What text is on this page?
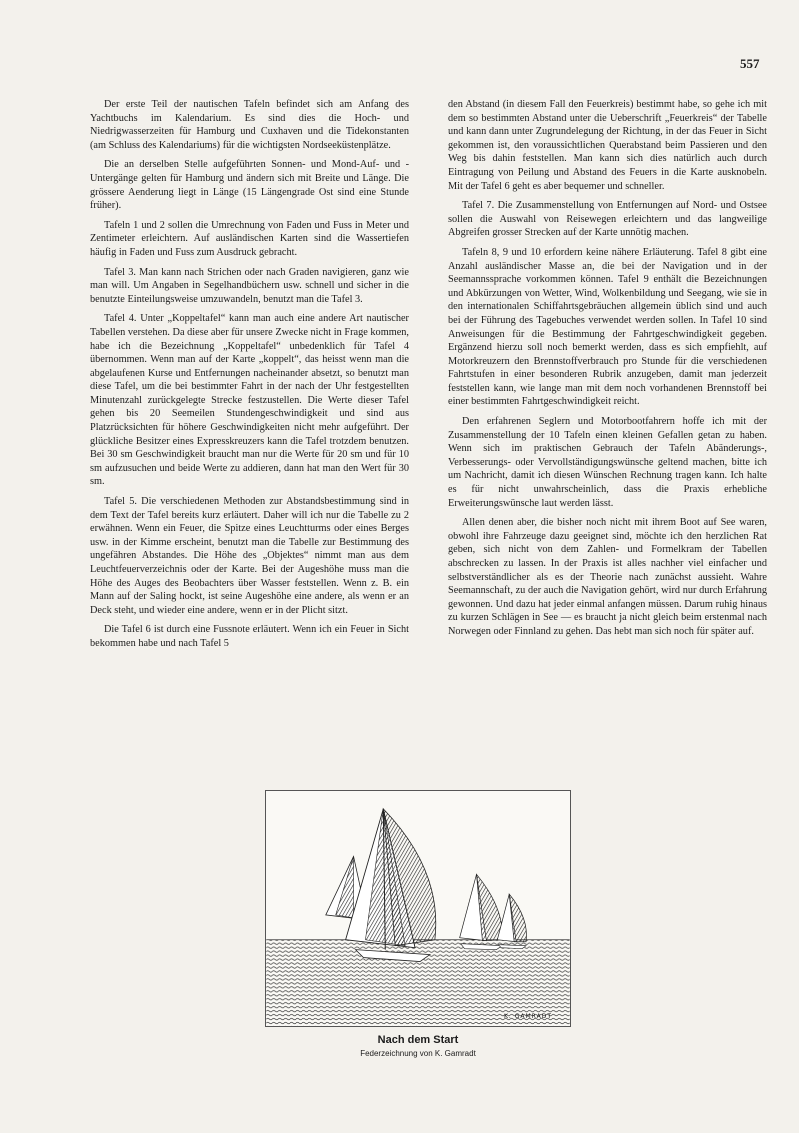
557

Der erste Teil der nautischen Tafeln befindet sich am Anfang des Yachtbuchs im Kalendarium. Es sind dies die Hoch- und Niedrigwasserzeiten für Hamburg und Cuxhaven und die Tidekonstanten (am Schluss des Kalendariums) für die wichtigsten Nordseeküstenplätze.

Die an derselben Stelle aufgeführten Sonnen- und Mond-Auf- und -Untergänge gelten für Hamburg und ändern sich mit Breite und Länge. Die grössere Aenderung liegt in Länge (15 Längengrade Ost sind eine Stunde früher).

Tafeln 1 und 2 sollen die Umrechnung von Faden und Fuss in Meter und Zentimeter erleichtern. Auf ausländischen Karten sind die Wassertiefen häufig in Faden und Fuss zum Ausdruck gebracht.

Tafel 3. Man kann nach Strichen oder nach Graden navigieren, ganz wie man will. Um Angaben in Segelhandbüchern usw. schnell und sicher in die benutzte Einteilungsweise umzuwandeln, benutzt man die Tafel 3.

Tafel 4. Unter „Koppeltafel“ kann man auch eine andere Art nautischer Tabellen verstehen. Da diese aber für unsere Zwecke nicht in Frage kommen, habe ich die Bezeichnung „Koppeltafel“ unbedenklich für Tafel 4 übernommen. Wenn man auf der Karte „koppelt“, das heisst wenn man die abgelaufenen Kurse und Entfernungen nacheinander absetzt, so benutzt man diese Tafel, um die bei bestimmter Fahrt in der nach der Uhr festgestellten Minutenzahl zurückgelegte Strecke festzustellen. Die Werte dieser Tafel gehen bis 20 Seemeilen Stundengeschwindigkeit und sind aus Platzrücksichten für höhere Geschwindigkeiten nicht mehr aufgeführt. Der glückliche Besitzer eines Expresskreuzers kann die Tafel trotzdem benutzen. Bei 30 sm Geschwindigkeit braucht man nur die Werte für 20 sm und für 10 sm aufzusuchen und beide Werte zu addieren, dann hat man den Wert für 30 sm.

Tafel 5. Die verschiedenen Methoden zur Abstandsbestimmung sind in dem Text der Tafel bereits kurz erläutert. Daher will ich nur die Tabelle zu 2 erwähnen. Wenn ein Feuer, die Spitze eines Leuchtturms oder eines Berges usw. in der Kimme erscheint, benutzt man die Tabelle zur Bestimmung des ungefähren Abstandes. Die Höhe des „Objektes“ nimmt man aus dem Leuchtfeuerverzeichnis oder der Karte. Bei der Augeshöhe muss man die Höhe des Auges des Beobachters über Wasser feststellen. Wenn z. B. ein Mann auf der Saling hockt, ist seine Augeshöhe eine andere, als wenn er an Deck steht, und wieder eine andere, wenn er in der Plicht sitzt.

Die Tafel 6 ist durch eine Fussnote erläutert. Wenn ich ein Feuer in Sicht bekommen habe und nach Tafel 5

den Abstand (in diesem Fall den Feuerkreis) bestimmt habe, so gehe ich mit dem so bestimmten Abstand unter die Ueberschrift „Feuerkreis“ der Tabelle und kann dann unter Zugrundelegung der Richtung, in der das Feuer in Sicht gekommen ist, den voraussichtlichen Querabstand beim Passieren und den Weg bis dahin feststellen. Man kann sich dies natürlich auch durch Eintragung von Peilung und Abstand des Feuers in die Karte ausknobeln. Mit der Tafel 6 geht es aber bequemer und schneller.

Tafel 7. Die Zusammenstellung von Entfernungen auf Nord- und Ostsee sollen die Auswahl von Reisewegen erleichtern und das langweilige Abgreifen grosser Strecken auf der Karte unnötig machen.

Tafeln 8, 9 und 10 erfordern keine nähere Erläuterung. Tafel 8 gibt eine Anzahl ausländischer Masse an, die bei der Navigation und in der Seemannssprache vorkommen können. Tafel 9 enthält die Bezeichnungen und Abkürzungen von Wetter, Wind, Wolkenbildung und Seegang, wie sie in den internationalen Schiffahrtsgebräuchen allgemein üblich sind und auch bei der Führung des Tagebuches verwendet werden sollen. In Tafel 10 sind Anweisungen für die Bestimmung der Fahrtgeschwindigkeit gegeben. Ergänzend hierzu soll noch bemerkt werden, dass es sich empfiehlt, auf Motorkreuzern den Brennstoffverbrauch pro Stunde für die verschiedenen Fahrtstufen in einer besonderen Rubrik anzugeben, damit man jederzeit feststellen kann, wie lange man mit dem noch vorhandenen Brennstoff bei einer bestimmten Fahrtgeschwindigkeit reicht.

Den erfahrenen Seglern und Motorbootfahrern hoffe ich mit der Zusammenstellung der 10 Tafeln einen kleinen Gefallen getan zu haben. Wenn sich im praktischen Gebrauch der Tafeln Abänderungs-, Verbesserungs- oder Vervollständigungswünsche geltend machen, bitte ich um Nachricht, damit ich diesen Wünschen Rechnung tragen kann. Ich halte es für nicht unwahrscheinlich, dass die Praxis erhebliche Erweiterungswünsche laut werden lässt.

Allen denen aber, die bisher noch nicht mit ihrem Boot auf See waren, obwohl ihre Fahrzeuge dazu geeignet sind, möchte ich den herzlichen Rat geben, sich nicht von dem Zahlen- und Formelkram der Tabellen abschrecken zu lassen. In der Praxis ist alles nachher viel einfacher und selbstverständlicher als es der Theorie nach zunächst aussieht. Wahre Seemannschaft, zu der auch die Navigation gehört, wird nur durch Erfahrung gewonnen. Und dazu hat jeder einmal anfangen müssen. Darum ruhig hinaus zu kurzen Schlägen in See — es braucht ja nicht gleich beim erstenmal nach Norwegen oder Finnland zu gehen. Das hebt man sich noch für später auf.

K. GAMRADT
Nach dem Start
Federzeichnung von K. Gamradt
